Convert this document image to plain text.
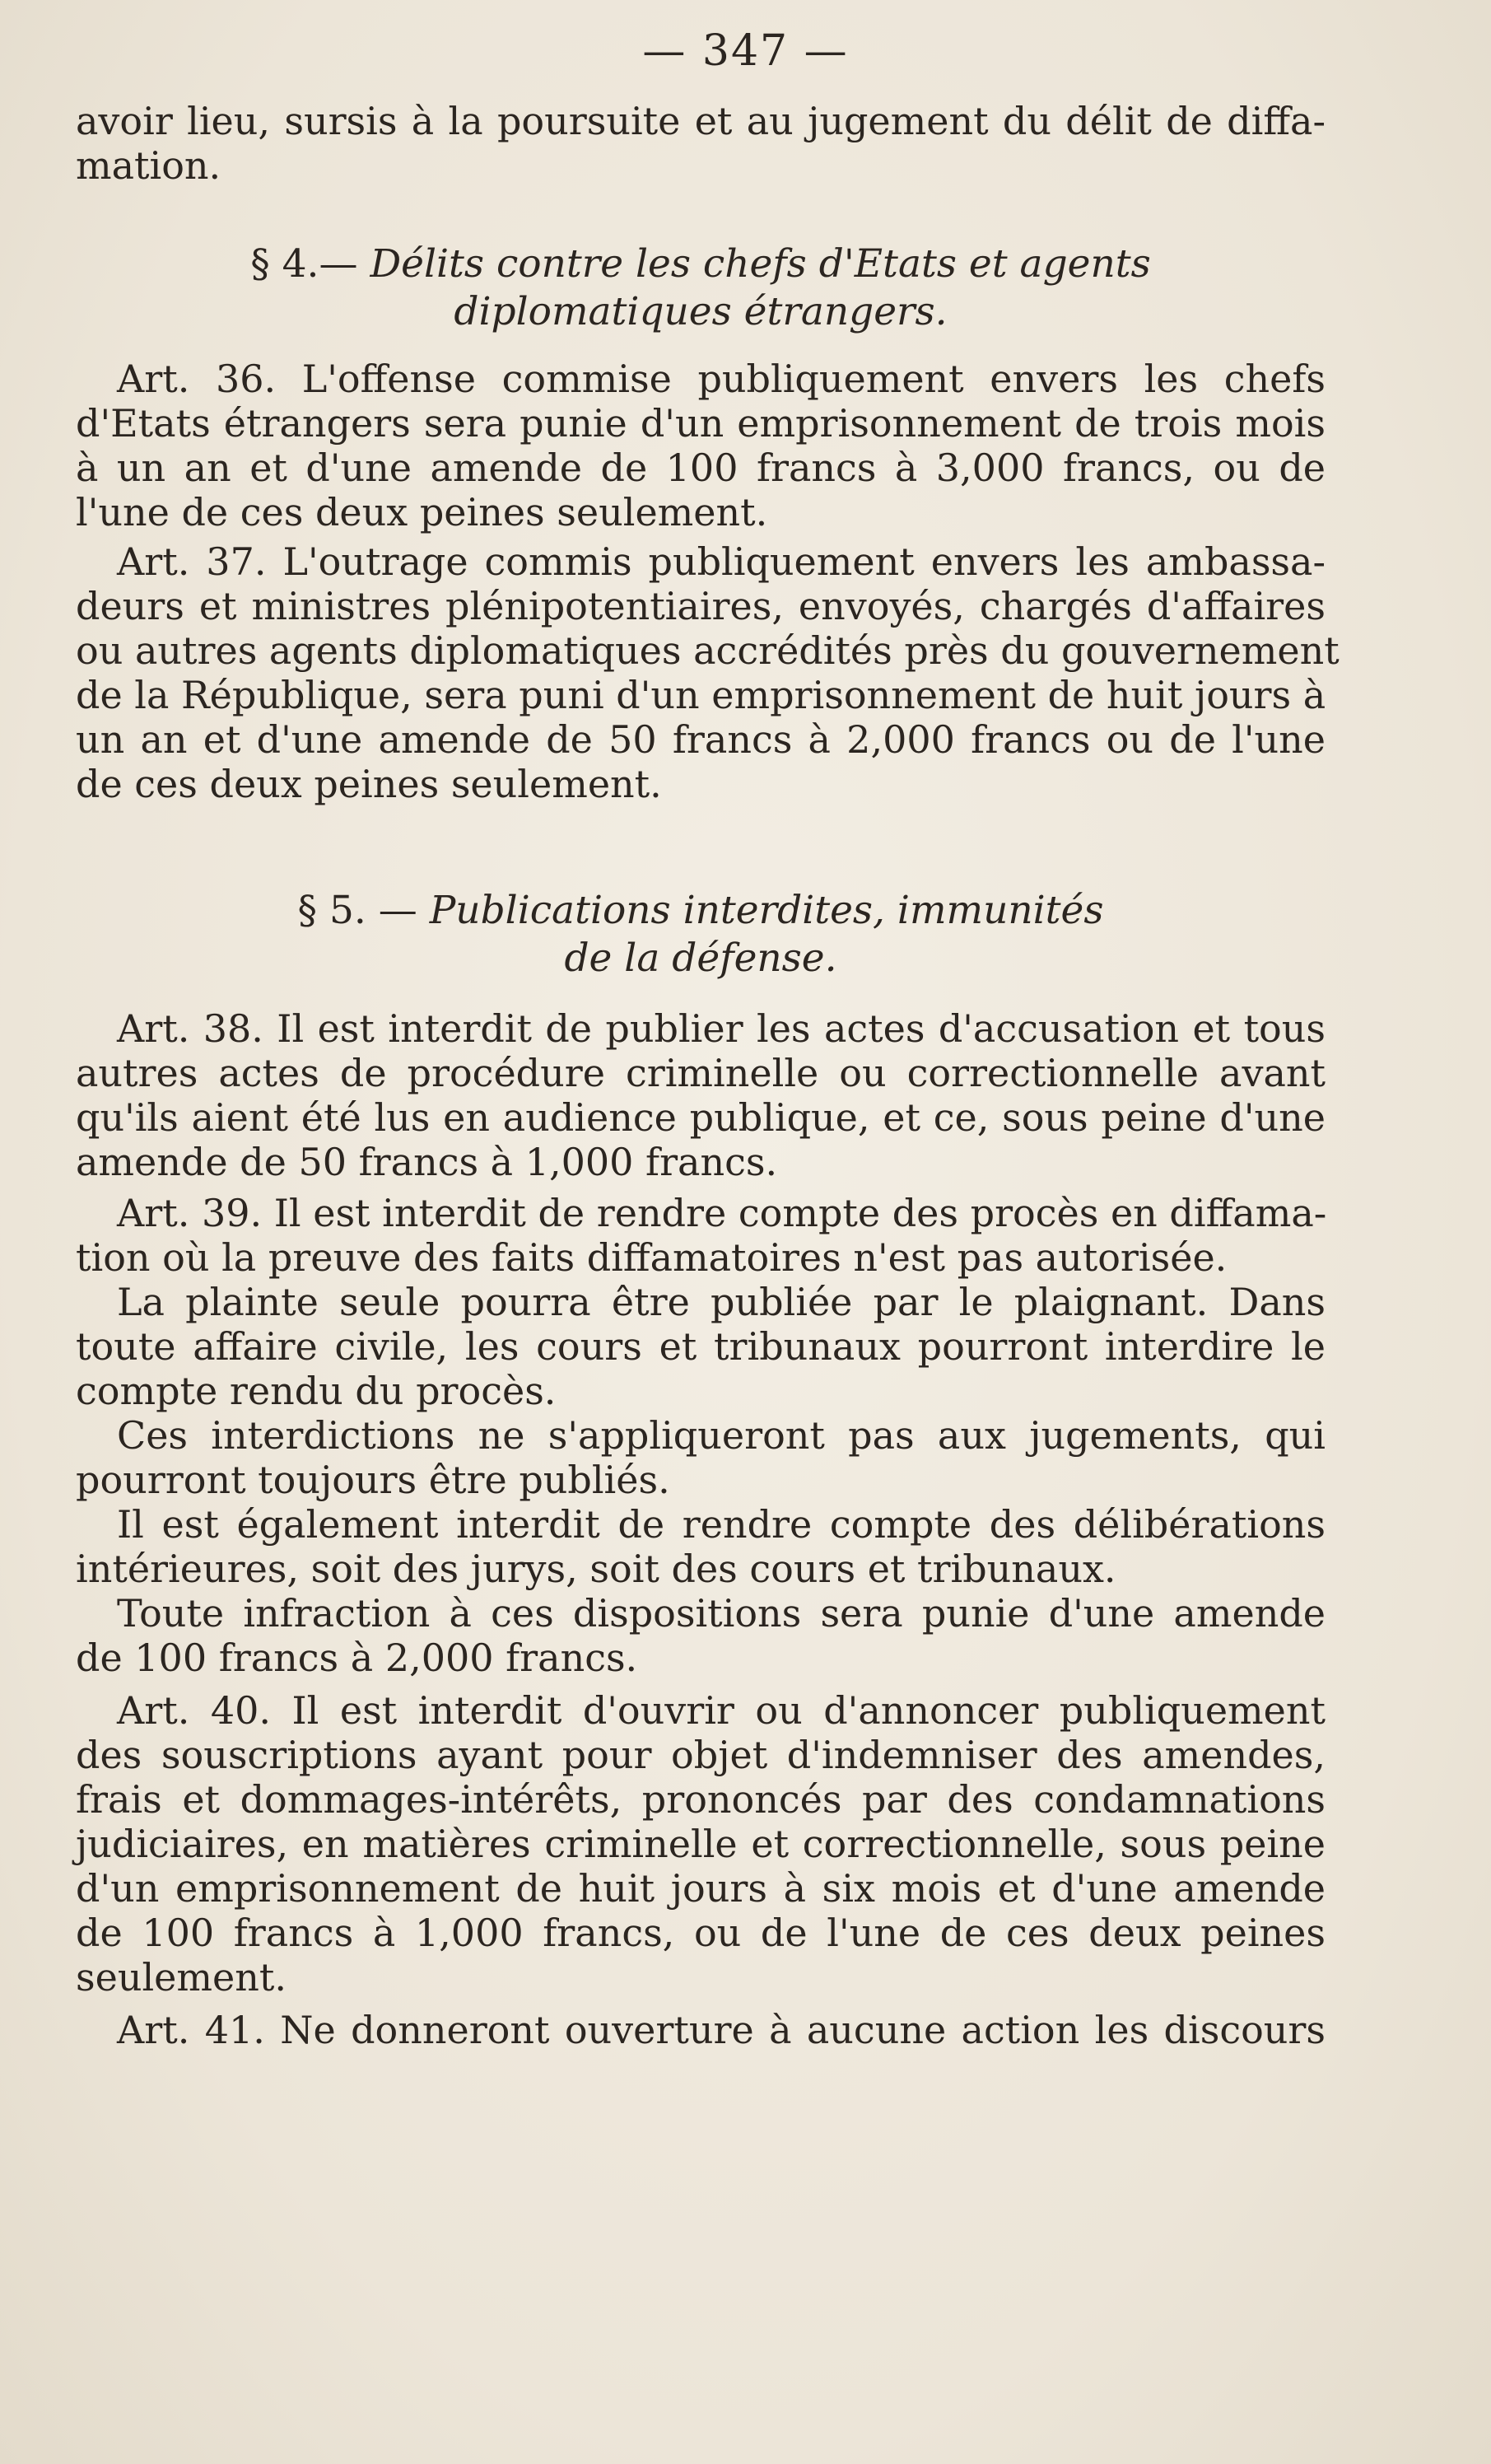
— 347 —
avoir lieu, sursis à la poursuite et au jugement du délit de diffa-
mation.
§ 4.— Délits contre les chefs d'Etats et agents
diplomatiques étrangers.
Art. 36. L'offense commise publiquement envers les chefs
d'Etats étrangers sera punie d'un emprisonnement de trois mois
à un an et d'une amende de 100 francs à 3,000 francs, ou de
l'une de ces deux peines seulement.
Art. 37. L'outrage commis publiquement envers les ambassa-
deurs et ministres plénipotentiaires, envoyés, chargés d'affaires
ou autres agents diplomatiques accrédités près du gouvernement
de la République, sera puni d'un emprisonnement de huit jours à
un an et d'une amende de 50 francs à 2,000 francs ou de l'une
de ces deux peines seulement.
§ 5. — Publications interdites, immunités
de la défense.
Art. 38. Il est interdit de publier les actes d'accusation et tous
autres actes de procédure criminelle ou correctionnelle avant
qu'ils aient été lus en audience publique, et ce, sous peine d'une
amende de 50 francs à 1,000 francs.
Art. 39. Il est interdit de rendre compte des procès en diffama-
tion où la preuve des faits diffamatoires n'est pas autorisée.
La plainte seule pourra être publiée par le plaignant. Dans
toute affaire civile, les cours et tribunaux pourront interdire le
compte rendu du procès.
Ces interdictions ne s'appliqueront pas aux jugements, qui
pourront toujours être publiés.
Il est également interdit de rendre compte des délibérations
intérieures, soit des jurys, soit des cours et tribunaux.
Toute infraction à ces dispositions sera punie d'une amende
de 100 francs à 2,000 francs.
Art. 40. Il est interdit d'ouvrir ou d'annoncer publiquement
des souscriptions ayant pour objet d'indemniser des amendes,
frais et dommages-intérêts, prononcés par des condamnations
judiciaires, en matières criminelle et correctionnelle, sous peine
d'un emprisonnement de huit jours à six mois et d'une amende
de 100 francs à 1,000 francs, ou de l'une de ces deux peines
seulement.
Art. 41. Ne donneront ouverture à aucune action les discours
